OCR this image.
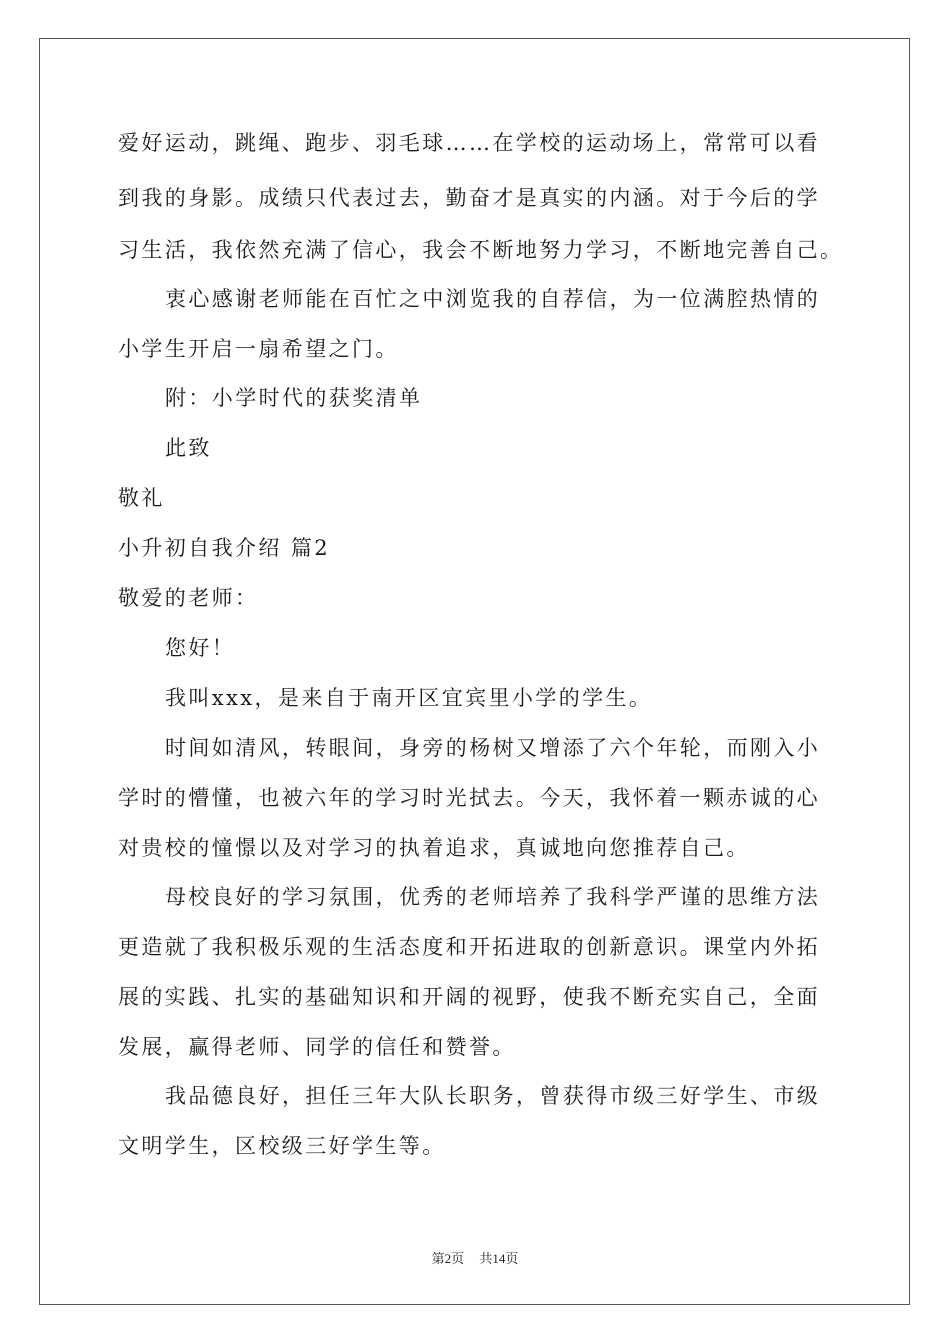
爱好运动，跳绳、跑步、羽毛球……在学校的运动场上，常常可以看
到我的身影。成绩只代表过去，勤奋才是真实的内涵。对于今后的学
习生活，我依然充满了信心，我会不断地努力学习，不断地完善自己。
衷心感谢老师能在百忙之中浏览我的自荐信，为一位满腔热情的
小学生开启一扇希望之门。
附：小学时代的获奖清单
此致
敬礼
小升初自我介绍 篇2
敬爱的老师：
您好！
我叫xxx，是来自于南开区宜宾里小学的学生。
时间如清风，转眼间，身旁的杨树又增添了六个年轮，而刚入小
学时的懵懂，也被六年的学习时光拭去。今天，我怀着一颗赤诚的心
对贵校的憧憬以及对学习的执着追求，真诚地向您推荐自己。
母校良好的学习氛围，优秀的老师培养了我科学严谨的思维方法
更造就了我积极乐观的生活态度和开拓进取的创新意识。课堂内外拓
展的实践、扎实的基础知识和开阔的视野，使我不断充实自己，全面
发展，赢得老师、同学的信任和赞誉。
我品德良好，担任三年大队长职务，曾获得市级三好学生、市级
文明学生，区校级三好学生等。
第2页 共14页
